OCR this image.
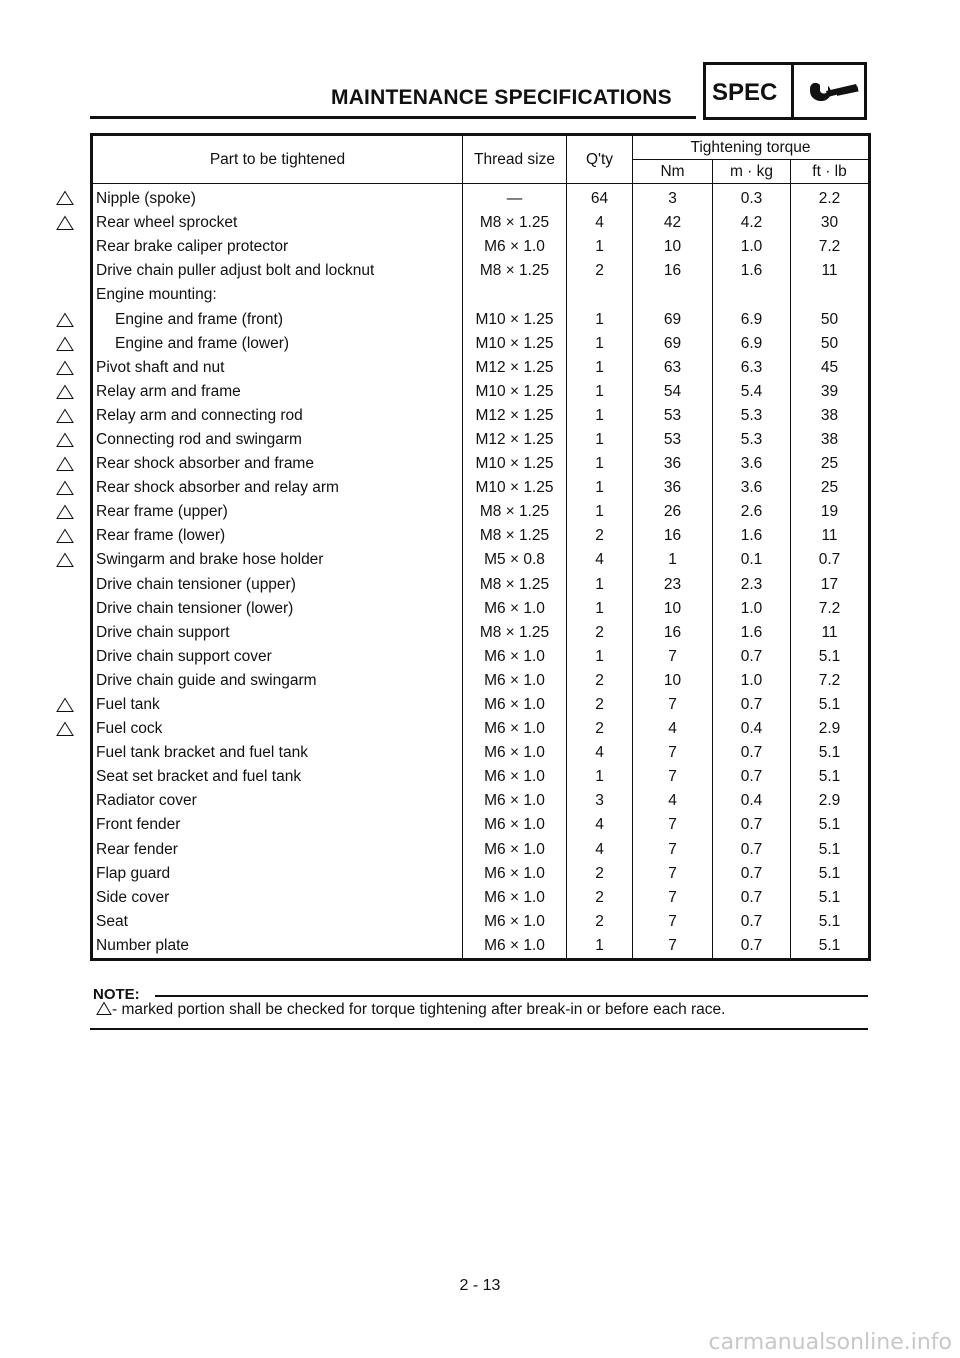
MAINTENANCE SPECIFICATIONS SPEC
Part to be tightened	Thread size	Q'ty	Tightening torque		
			Nm	m · kg	ft · lb
Nipple (spoke)	—	64	3	0.3	2.2
Rear wheel sprocket	M8 × 1.25	4	42	4.2	30
Rear brake caliper protector	M6 × 1.0	1	10	1.0	7.2
Drive chain puller adjust bolt and locknut	M8 × 1.25	2	16	1.6	11
Engine mounting:					
Engine and frame (front)	M10 × 1.25	1	69	6.9	50
Engine and frame (lower)	M10 × 1.25	1	69	6.9	50
Pivot shaft and nut	M12 × 1.25	1	63	6.3	45
Relay arm and frame	M10 × 1.25	1	54	5.4	39
Relay arm and connecting rod	M12 × 1.25	1	53	5.3	38
Connecting rod and swingarm	M12 × 1.25	1	53	5.3	38
Rear shock absorber and frame	M10 × 1.25	1	36	3.6	25
Rear shock absorber and relay arm	M10 × 1.25	1	36	3.6	25
Rear frame (upper)	M8 × 1.25	1	26	2.6	19
Rear frame (lower)	M8 × 1.25	2	16	1.6	11
Swingarm and brake hose holder	M5 × 0.8	4	1	0.1	0.7
Drive chain tensioner (upper)	M8 × 1.25	1	23	2.3	17
Drive chain tensioner (lower)	M6 × 1.0	1	10	1.0	7.2
Drive chain support	M8 × 1.25	2	16	1.6	11
Drive chain support cover	M6 × 1.0	1	7	0.7	5.1
Drive chain guide and swingarm	M6 × 1.0	2	10	1.0	7.2
Fuel tank	M6 × 1.0	2	7	0.7	5.1
Fuel cock	M6 × 1.0	2	4	0.4	2.9
Fuel tank bracket and fuel tank	M6 × 1.0	4	7	0.7	5.1
Seat set bracket and fuel tank	M6 × 1.0	1	7	0.7	5.1
Radiator cover	M6 × 1.0	3	4	0.4	2.9
Front fender	M6 × 1.0	4	7	0.7	5.1
Rear fender	M6 × 1.0	4	7	0.7	5.1
Flap guard	M6 × 1.0	2	7	0.7	5.1
Side cover	M6 × 1.0	2	7	0.7	5.1
Seat	M6 × 1.0	2	7	0.7	5.1
Number plate	M6 × 1.0	1	7	0.7	5.1
NOTE:
- marked portion shall be checked for torque tightening after break-in or before each race.
2 - 13
carmanualsonline.info
